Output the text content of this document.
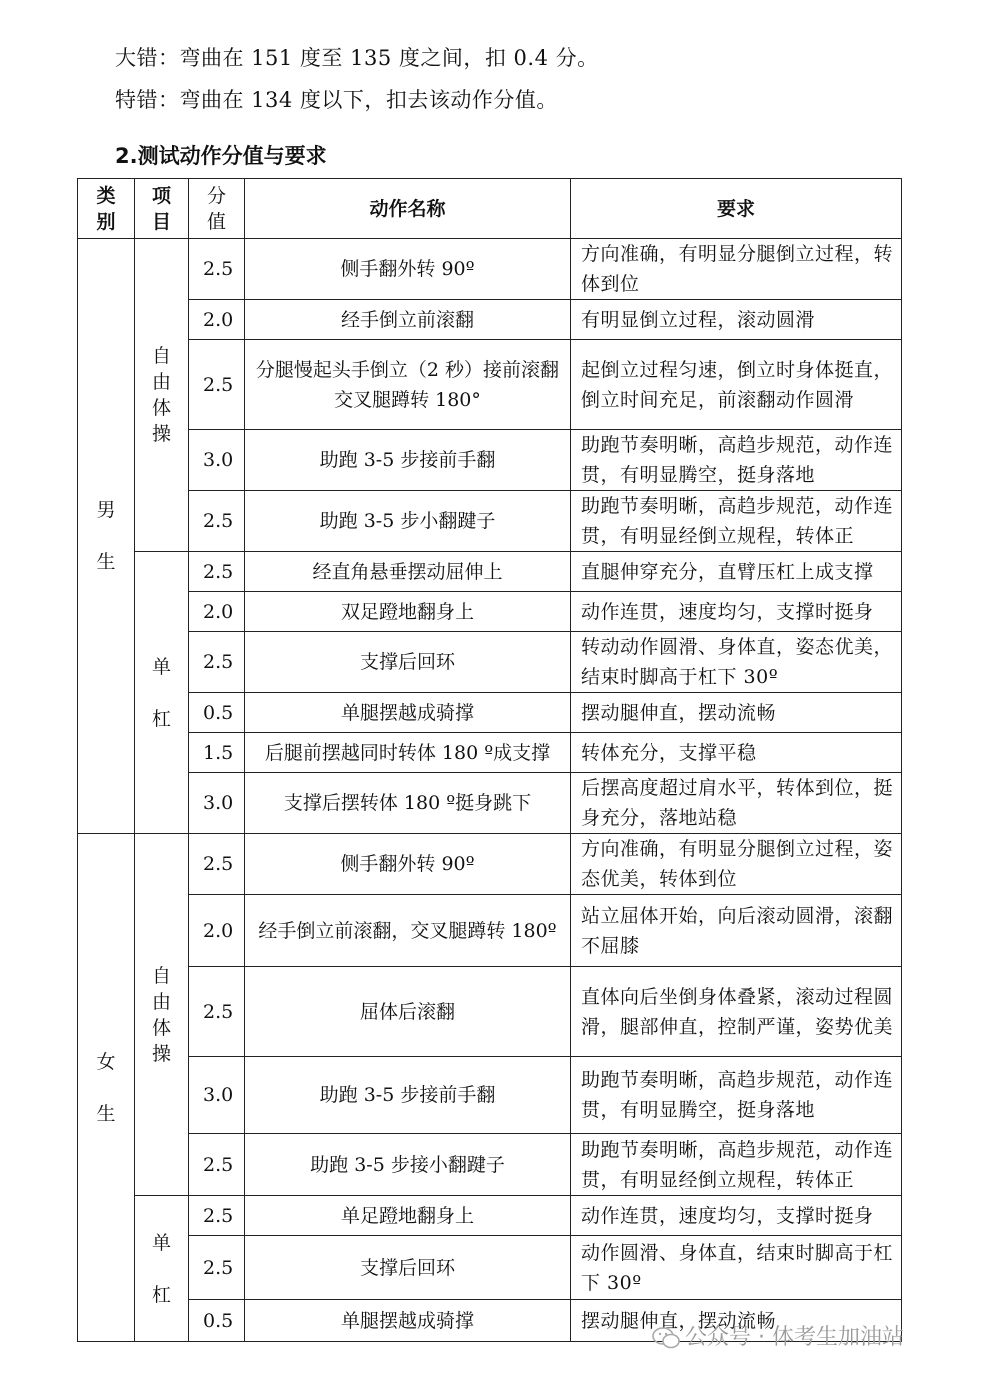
大错：弯曲在 151 度至 135 度之间，扣 0.4 分。
特错：弯曲在 134 度以下，扣去该动作分值。
2.测试动作分值与要求
类别	项目	分值	动作名称	要求
男生	自由体操	2.5	侧手翻外转 90º	方向准确，有明显分腿倒立过程，转体到位
		2.0	经手倒立前滚翻	有明显倒立过程，滚动圆滑
		2.5	分腿慢起头手倒立（2 秒）接前滚翻交叉腿蹲转 180°	起倒立过程匀速，倒立时身体挺直，倒立时间充足，前滚翻动作圆滑
		3.0	助跑 3-5 步接前手翻	助跑节奏明晰，高趋步规范，动作连贯，有明显腾空，挺身落地
		2.5	助跑 3-5 步小翻踺子	助跑节奏明晰，高趋步规范，动作连贯，有明显经倒立规程，转体正
	单杠	2.5	经直角悬垂摆动屈伸上	直腿伸穿充分，直臂压杠上成支撑
		2.0	双足蹬地翻身上	动作连贯，速度均匀，支撑时挺身
		2.5	支撑后回环	转动动作圆滑、身体直，姿态优美，结束时脚高于杠下 30º
		0.5	单腿摆越成骑撑	摆动腿伸直，摆动流畅
		1.5	后腿前摆越同时转体 180 º成支撑	转体充分，支撑平稳
		3.0	支撑后摆转体 180 º挺身跳下	后摆高度超过肩水平，转体到位，挺身充分，落地站稳
女生	自由体操	2.5	侧手翻外转 90º	方向准确，有明显分腿倒立过程，姿态优美，转体到位
		2.0	经手倒立前滚翻，交叉腿蹲转 180º	站立屈体开始，向后滚动圆滑，滚翻不屈膝
		2.5	屈体后滚翻	直体向后坐倒身体叠紧，滚动过程圆滑，腿部伸直，控制严谨，姿势优美
		3.0	助跑 3-5 步接前手翻	助跑节奏明晰，高趋步规范，动作连贯，有明显腾空，挺身落地
		2.5	助跑 3-5 步接小翻踺子	助跑节奏明晰，高趋步规范，动作连贯，有明显经倒立规程，转体正
	单杠	2.5	单足蹬地翻身上	动作连贯，速度均匀，支撑时挺身
		2.5	支撑后回环	动作圆滑、身体直，结束时脚高于杠下 30º
		0.5	单腿摆越成骑撑	摆动腿伸直，摆动流畅
公众号 · 体考生加油站
